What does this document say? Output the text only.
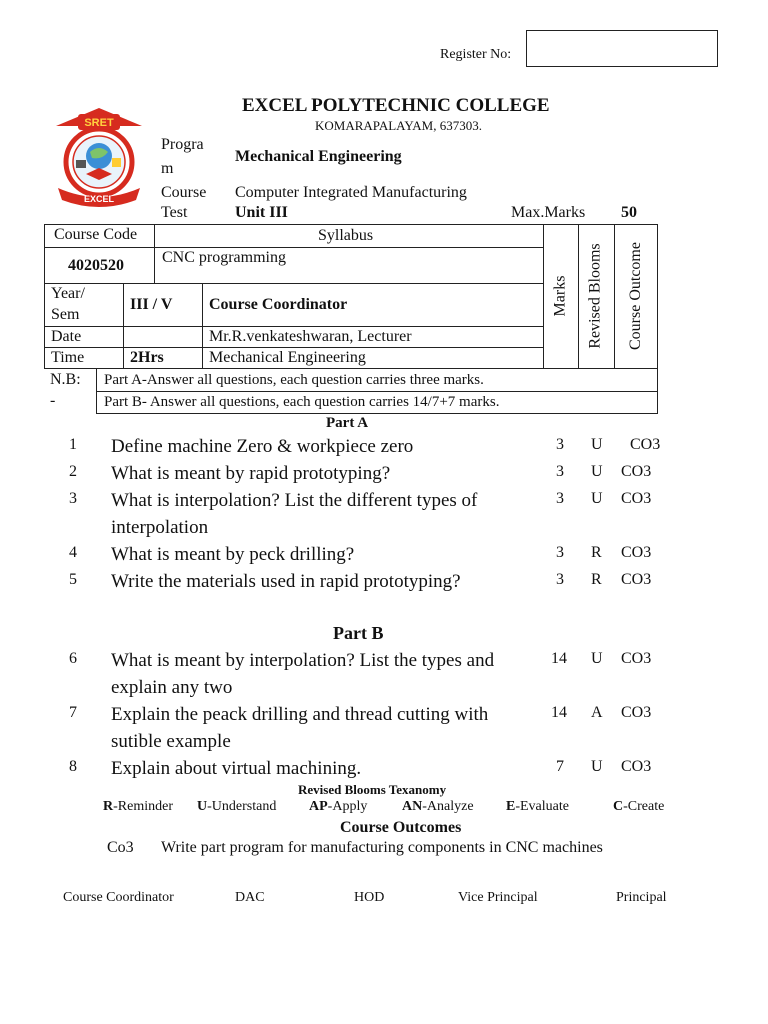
Register No:
SRET
EXCEL
EXCEL POLYTECHNIC COLLEGE
KOMARAPALAYAM, 637303.
Progra
m
Mechanical Engineering
Course Computer Integrated Manufacturing
Test	Unit III	Max.Marks 50
Course Code	Syllabus
4020520 CNC programming
Year/
Sem
III / V Course Coordinator
Date	Mr.R.venkateshwaran, Lecturer
Time	2Hrs	Mechanical Engineering
Marks Revised Blooms Course Outcome
N.B:
-
Part A-Answer all questions, each question carries three marks.
Part B- Answer all questions, each question carries 14/7+7 marks.
Part A
1 Define machine Zero & workpiece zero	3 U CO3
2 What is meant by rapid prototyping?	3 U CO3
3 What is interpolation? List the different types of
interpolation
3 U CO3
4 What is meant by peck drilling?	3 R CO3
5 Write the materials used in rapid prototyping?	3 R CO3
Part B
6 What is meant by interpolation? List the types and
explain any two
14 U CO3
7 Explain the peack drilling and thread cutting with
sutible example
14 A CO3
8 Explain about virtual machining.	7 U CO3
Revised Blooms Texanomy
R-Reminder U-Understand AP-Apply AN-Analyze E-Evaluate	C-Create
Course Outcomes
Co3 Write part program for manufacturing components in CNC machines
Course Coordinator	DAC	HOD	Vice Principal	Principal
